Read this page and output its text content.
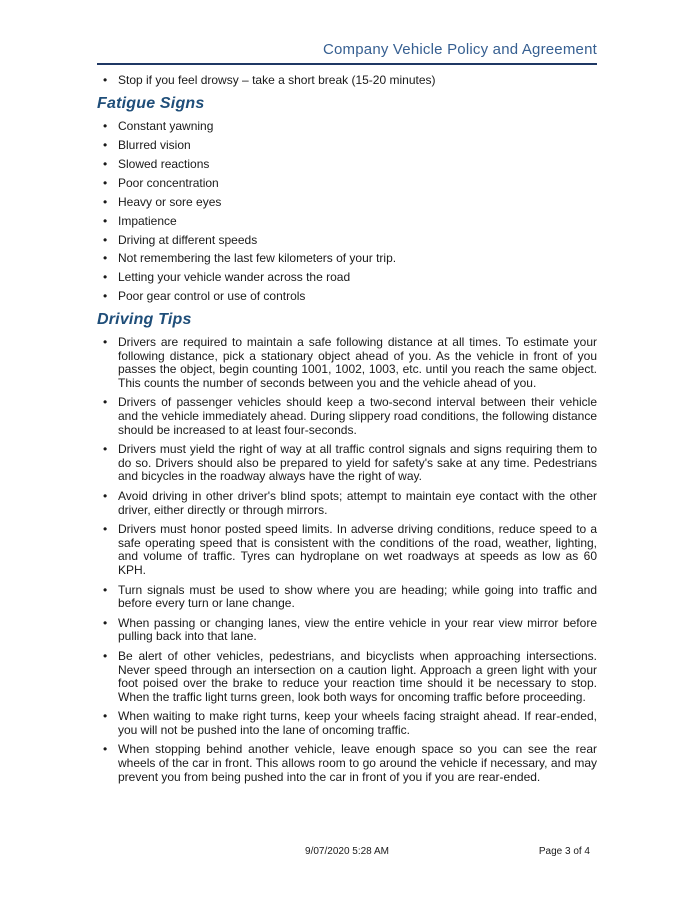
Company Vehicle Policy and Agreement
• Stop if you feel drowsy – take a short break (15-20 minutes)
Fatigue Signs
• Constant yawning
• Blurred vision
• Slowed reactions
• Poor concentration
• Heavy or sore eyes
• Impatience
• Driving at different speeds
• Not remembering the last few kilometers of your trip.
• Letting your vehicle wander across the road
• Poor gear control or use of controls
Driving Tips
• Drivers are required to maintain a safe following distance at all times. To estimate your following distance, pick a stationary object ahead of you. As the vehicle in front of you passes the object, begin counting 1001, 1002, 1003, etc. until you reach the same object. This counts the number of seconds between you and the vehicle ahead of you.
• Drivers of passenger vehicles should keep a two-second interval between their vehicle and the vehicle immediately ahead. During slippery road conditions, the following distance should be increased to at least four-seconds.
• Drivers must yield the right of way at all traffic control signals and signs requiring them to do so. Drivers should also be prepared to yield for safety's sake at any time. Pedestrians and bicycles in the roadway always have the right of way.
• Avoid driving in other driver's blind spots; attempt to maintain eye contact with the other driver, either directly or through mirrors.
• Drivers must honor posted speed limits. In adverse driving conditions, reduce speed to a safe operating speed that is consistent with the conditions of the road, weather, lighting, and volume of traffic. Tyres can hydroplane on wet roadways at speeds as low as 60 KPH.
• Turn signals must be used to show where you are heading; while going into traffic and before every turn or lane change.
• When passing or changing lanes, view the entire vehicle in your rear view mirror before pulling back into that lane.
• Be alert of other vehicles, pedestrians, and bicyclists when approaching intersections. Never speed through an intersection on a caution light. Approach a green light with your foot poised over the brake to reduce your reaction time should it be necessary to stop. When the traffic light turns green, look both ways for oncoming traffic before proceeding.
• When waiting to make right turns, keep your wheels facing straight ahead. If rear-ended, you will not be pushed into the lane of oncoming traffic.
• When stopping behind another vehicle, leave enough space so you can see the rear wheels of the car in front. This allows room to go around the vehicle if necessary, and may prevent you from being pushed into the car in front of you if you are rear-ended.
9/07/2020 5:28 AM	Page 3 of 4
